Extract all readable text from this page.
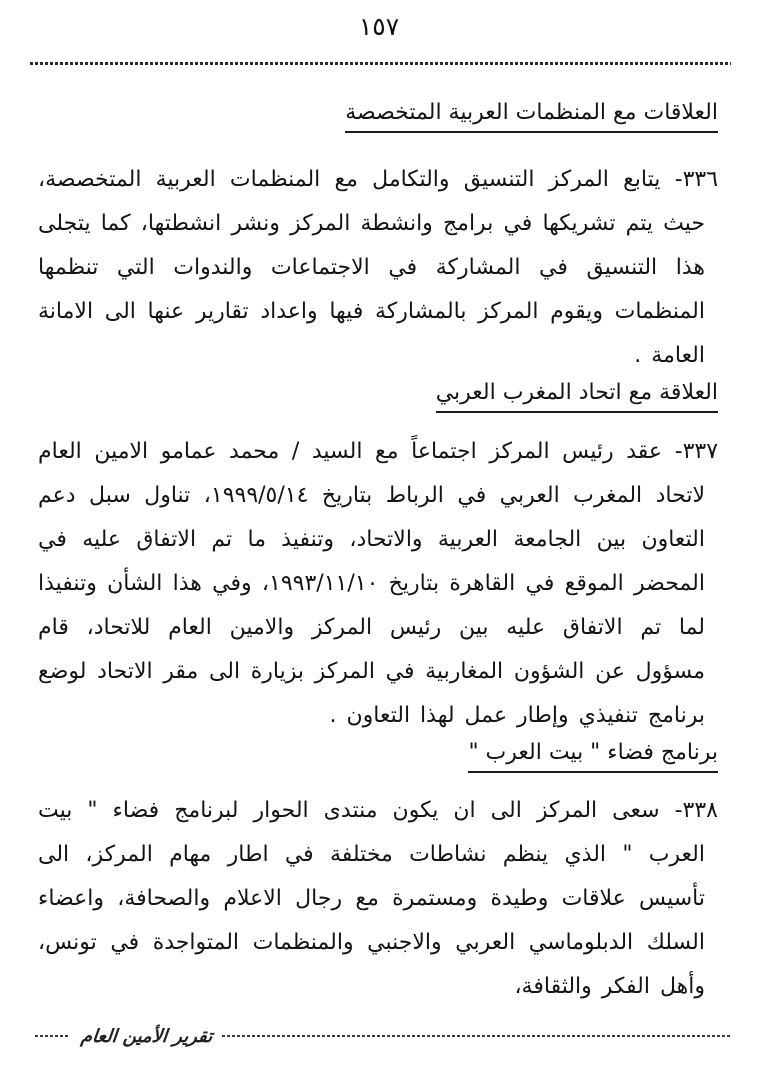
١٥٧
العلاقات مع المنظمات العربية المتخصصة

٣٣٦- يتابع المركز التنسيق والتكامل مع المنظمات العربية المتخصصة، حيث يتم تشريكها في برامج وانشطة المركز ونشر انشطتها، كما يتجلى هذا التنسيق في المشاركة في الاجتماعات والندوات التي تنظمها المنظمات ويقوم المركز بالمشاركة فيها واعداد تقارير عنها الى الامانة العامة .

العلاقة مع اتحاد المغرب العربي

٣٣٧- عقد رئيس المركز اجتماعاً مع السيد / محمد عمامو الامين العام لاتحاد المغرب العربي في الرباط بتاريخ ١٩٩٩/٥/١٤، تناول سبل دعم التعاون بين الجامعة العربية والاتحاد، وتنفيذ ما تم الاتفاق عليه في المحضر الموقع في القاهرة بتاريخ ١٩٩٣/١١/١٠، وفي هذا الشأن وتنفيذا لما تم الاتفاق عليه بين رئيس المركز والامين العام للاتحاد، قام مسؤول عن الشؤون المغاربية في المركز بزيارة الى مقر الاتحاد لوضع برنامج تنفيذي وإطار عمل لهذا التعاون .

برنامج فضاء " بيت العرب "

٣٣٨- سعى المركز الى ان يكون منتدى الحوار لبرنامج فضاء " بيت العرب " الذي ينظم نشاطات مختلفة في اطار مهام المركز، الى تأسيس علاقات وطيدة ومستمرة مع رجال الاعلام والصحافة، واعضاء السلك الدبلوماسي العربي والاجنبي والمنظمات المتواجدة في تونس، وأهل الفكر والثقافة،

تقرير الأمين العام
